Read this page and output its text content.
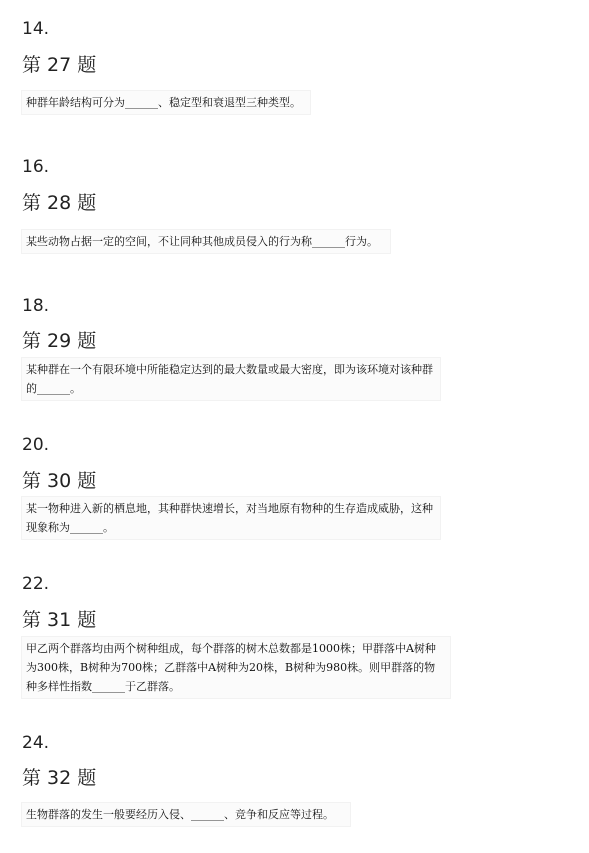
14.

第 27 题

种群年龄结构可分为______、稳定型和衰退型三种类型。

16.

第 28 题

某些动物占据一定的空间，不让同种其他成员侵入的行为称______行为。

18.

第 29 题

某种群在一个有限环境中所能稳定达到的最大数量或最大密度，即为该环境对该种群的______。

20.

第 30 题

某一物种进入新的栖息地，其种群快速增长，对当地原有物种的生存造成威胁，这种现象称为______。

22.

第 31 题

甲乙两个群落均由两个树种组成，每个群落的树木总数都是1000株；甲群落中A树种为300株，B树种为700株；乙群落中A树种为20株，B树种为980株。则甲群落的物种多样性指数______于乙群落。

24.

第 32 题

生物群落的发生一般要经历入侵、______、竞争和反应等过程。
